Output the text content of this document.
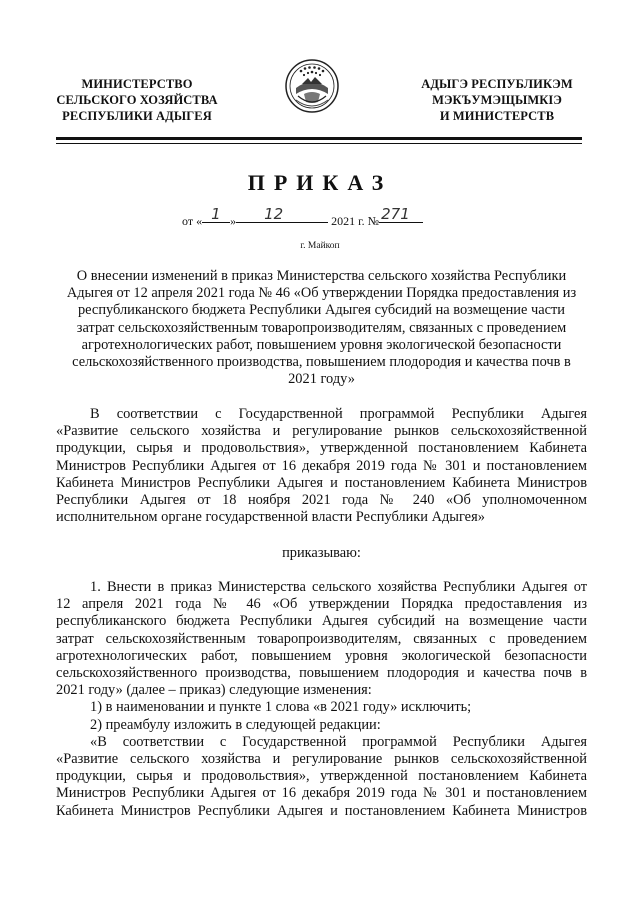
МИНИСТЕРСТВО
СЕЛЬСКОГО ХОЗЯЙСТВА
РЕСПУБЛИКИ АДЫГЕЯ
АДЫГЭ РЕСПУБЛИКЭМ
МЭКЪУМЭЩЫМКIЭ
И МИНИСТЕРСТВ
ПРИКАЗ
от « 1 » 12	2021 г. № 271
г. Майкоп
О внесении изменений в приказ Министерства сельского хозяйства Республики
Адыгея от 12 апреля 2021 года № 46 «Об утверждении Порядка предоставления из
республиканского бюджета Республики Адыгея субсидий на возмещение части
затрат сельскохозяйственным товаропроизводителям, связанных с проведением
агротехнологических работ, повышением уровня экологической безопасности
сельскохозяйственного производства, повышением плодородия и качества почв в
2021 году»
В соответствии с Государственной программой Республики Адыгея
«Развитие сельского хозяйства и регулирование рынков сельскохозяйственной
продукции, сырья и продовольствия», утвержденной постановлением Кабинета
Министров Республики Адыгея от 16 декабря 2019 года № 301 и постановлением
Кабинета Министров Республики Адыгея и постановлением Кабинета Министров
Республики Адыгея от 18 ноября 2021 года № 240 «Об уполномоченном
исполнительном органе государственной власти Республики Адыгея»
приказываю:
1. Внести в приказ Министерства сельского хозяйства Республики Адыгея от
12 апреля 2021 года № 46 «Об утверждении Порядка предоставления из
республиканского бюджета Республики Адыгея субсидий на возмещение части
затрат сельскохозяйственным товаропроизводителям, связанных с проведением
агротехнологических работ, повышением уровня экологической безопасности
сельскохозяйственного производства, повышением плодородия и качества почв в
2021 году» (далее – приказ) следующие изменения:
1) в наименовании и пункте 1 слова «в 2021 году» исключить;
2) преамбулу изложить в следующей редакции:
«В соответствии с Государственной программой Республики Адыгея
«Развитие сельского хозяйства и регулирование рынков сельскохозяйственной
продукции, сырья и продовольствия», утвержденной постановлением Кабинета
Министров Республики Адыгея от 16 декабря 2019 года № 301 и постановлением
Кабинета Министров Республики Адыгея и постановлением Кабинета Министров
